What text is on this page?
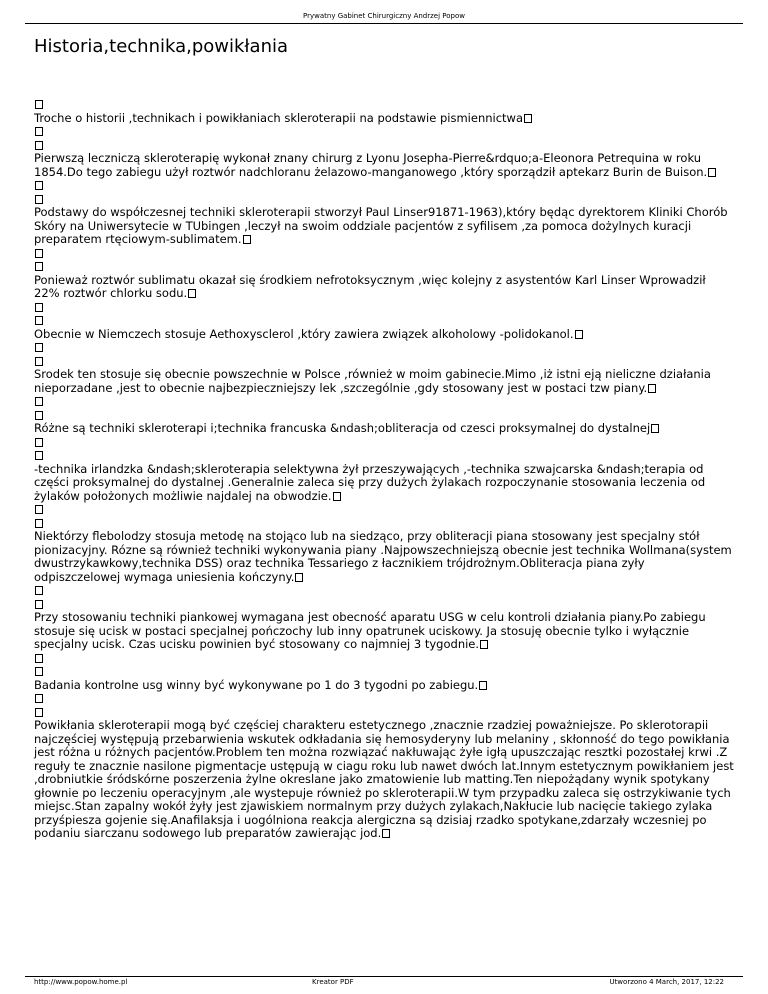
Prywatny Gabinet Chirurgiczny Andrzej Popow
Historia,technika,powikłania

Troche o historii ,technikach i powikłaniach skleroterapii na podstawie pismiennictwa

Pierwszą leczniczą skleroterapię wykonał znany chirurg z Lyonu Josepha-Pierre&rdquo;a-Eleonora Petrequina w roku 1854.Do tego zabiegu użył roztwór nadchloranu żelazowo-manganowego ,który sporządził aptekarz Burin de Buison.

Podstawy do współczesnej techniki skleroterapii stworzył Paul Linser91871-1963),który będąc dyrektorem Kliniki Chorób Skóry na Uniwersytecie w TUbingen ,leczył na swoim oddziale pacjentów z syfilisem ,za pomoca dożylnych kuracji preparatem rtęciowym-sublimatem.

Ponieważ roztwór sublimatu okazał się środkiem nefrotoksycznym ,więc kolejny z asystentów Karl Linser Wprowadził 22% roztwór chlorku sodu.

Obecnie w Niemczech stosuje Aethoxysclerol ,który zawiera związek alkoholowy -polidokanol.

Srodek ten stosuje się obecnie powszechnie w Polsce ,również w moim gabinecie.Mimo ,iż istni eją nieliczne działania nieporzadane ,jest to obecnie najbezpieczniejszy lek ,szczególnie ,gdy stosowany jest w postaci tzw piany.

Różne są techniki skleroterapi i;technika francuska &ndash;obliteracja od czesci proksymalnej do dystalnej

-technika irlandzka &ndash;skleroterapia selektywna żył przeszywających ,-technika szwajcarska &ndash;terapia od części proksymalnej do dystalnej .Generalnie zaleca się przy dużych żylakach rozpoczynanie stosowania leczenia od żylaków położonych możliwie najdalej na obwodzie.

Niektórzy flebolodzy stosuja metodę na stojąco lub na siedząco, przy obliteracji piana stosowany jest specjalny stół pionizacyjny. Rózne są również techniki wykonywania piany .Najpowszechniejszą obecnie jest technika Wollmana(system dwustrzykawkowy,technika DSS) oraz technika Tessariego z łacznikiem trójdrożnym.Obliteracja piana zyły odpiszczelowej wymaga uniesienia kończyny.

Przy stosowaniu techniki piankowej wymagana jest obecność aparatu USG w celu kontroli działania piany.Po zabiegu stosuje się ucisk w postaci specjalnej pończochy lub inny opatrunek uciskowy. Ja stosuję obecnie tylko i wyłącznie specjalny ucisk. Czas ucisku powinien być stosowany co najmniej 3 tygodnie.

Badania kontrolne usg winny być wykonywane po 1 do 3 tygodni po zabiegu.

Powikłania skleroterapii mogą być częściej charakteru estetycznego ,znacznie rzadziej poważniejsze. Po sklerotorapii najczęściej występują przebarwienia wskutek odkładania się hemosyderyny lub melaniny , skłonność do tego powikłania jest różna u różnych pacjentów.Problem ten można rozwiązać nakłuwając żyłe igłą upuszczając resztki pozostałej krwi .Z reguły te znacznie nasilone pigmentacje ustępują w ciagu roku lub nawet dwóch lat.Innym estetycznym powikłaniem jest ,drobniutkie śródskórne poszerzenia żylne okreslane jako zmatowienie lub matting.Ten niepożądany wynik spotykany głownie po leczeniu operacyjnym ,ale wystepuje również po skleroterapii.W tym przypadku zaleca się ostrzykiwanie tych miejsc.Stan zapalny wokół żyły jest zjawiskiem normalnym przy dużych zylakach,Nakłucie lub nacięcie takiego zylaka przyśpiesza gojenie się.Anafilaksja i uogólniona reakcja alergiczna są dzisiaj rzadko spotykane,zdarzały wczesniej po podaniu siarczanu sodowego lub preparatów zawierając jod.

http://www.popow.home.pl	Kreator PDF	Utworzono 4 March, 2017, 12:22
